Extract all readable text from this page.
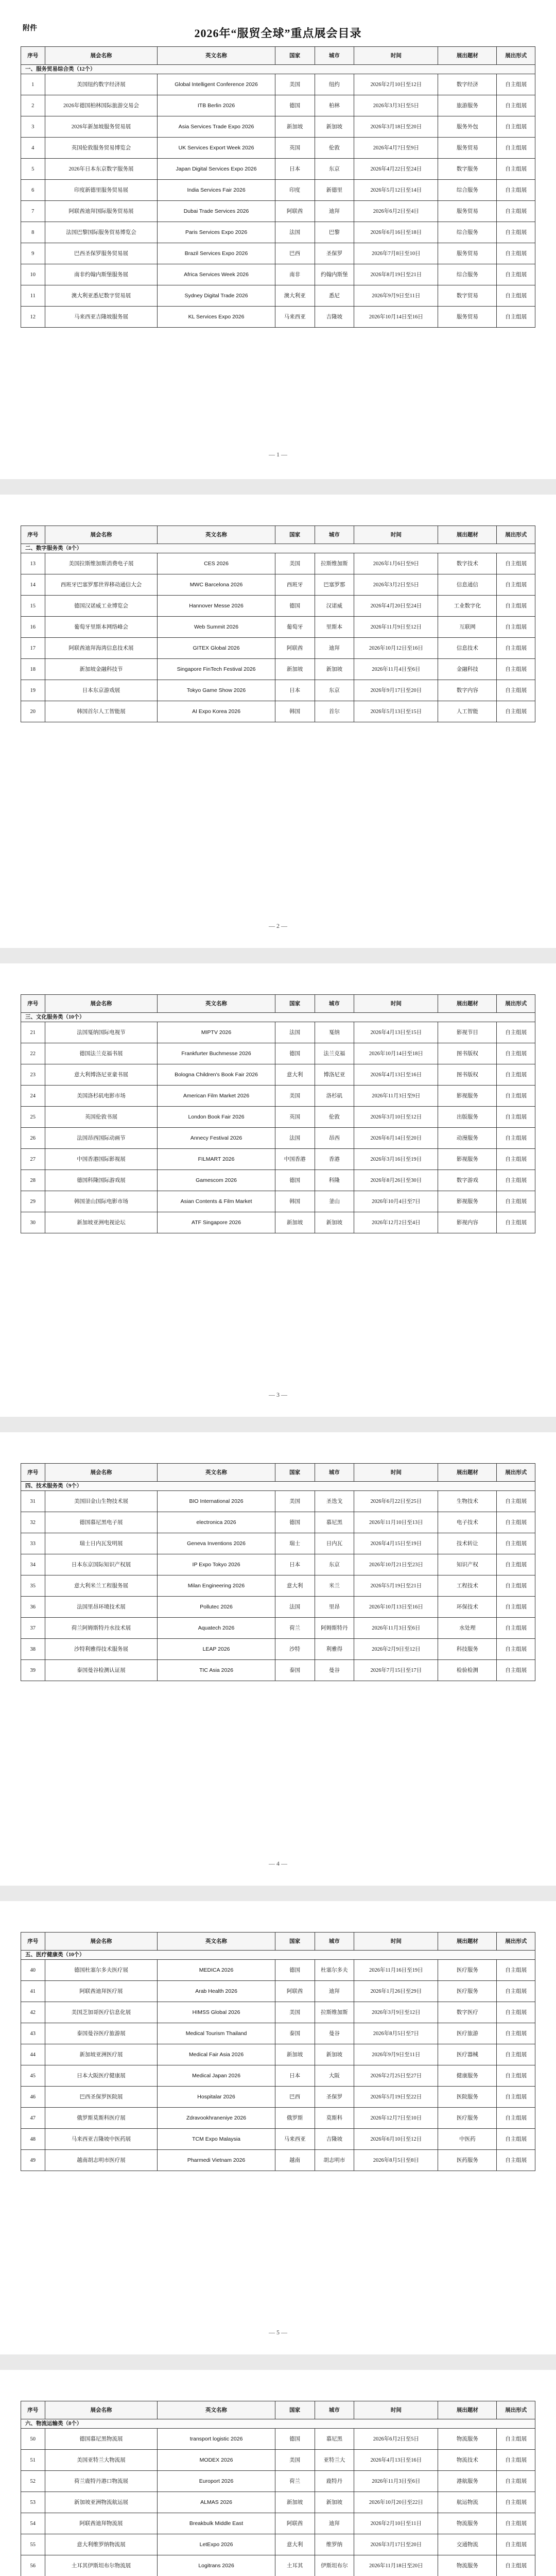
附件	2026年“服贸全球”重点展会目录
序号	展会名称	英文名称	国家	城市	时间	展出题材	展出形式
一、服务贸易综合类（12个）							
1	美国纽约数字经济展	Global Intelligent Conference 2026	美国	纽约	2026年2月10日至12日	数字经济	自主组展
2	2026年德国柏林国际旅游交易会	ITB Berlin 2026	德国	柏林	2026年3月3日至5日	旅游服务	自主组展
3	2026年新加坡服务贸易展	Asia Services Trade Expo 2026	新加坡	新加坡	2026年3月18日至20日	服务外包	自主组展
4	英国伦敦服务贸易博览会	UK Services Export Week 2026	英国	伦敦	2026年4月7日至9日	服务贸易	自主组展
5	2026年日本东京数字服务展	Japan Digital Services Expo 2026	日本	东京	2026年4月22日至24日	数字服务	自主组展
6	印度新德里服务贸易展	India Services Fair 2026	印度	新德里	2026年5月12日至14日	综合服务	自主组展
7	阿联酋迪拜国际服务贸易展	Dubai Trade Services 2026	阿联酋	迪拜	2026年6月2日至4日	服务贸易	自主组展
8	法国巴黎国际服务贸易博览会	Paris Services Expo 2026	法国	巴黎	2026年6月16日至18日	综合服务	自主组展
9	巴西圣保罗服务贸易展	Brazil Services Expo 2026	巴西	圣保罗	2026年7月8日至10日	服务贸易	自主组展
10	南非约翰内斯堡服务展	Africa Services Week 2026	南非	约翰内斯堡	2026年8月19日至21日	综合服务	自主组展
11	澳大利亚悉尼数字贸易展	Sydney Digital Trade 2026	澳大利亚	悉尼	2026年9月9日至11日	数字贸易	自主组展
12	马来西亚吉隆坡服务展	KL Services Expo 2026	马来西亚	吉隆坡	2026年10月14日至16日	服务贸易	自主组展
— 1 —
序号	展会名称	英文名称	国家	城市	时间	展出题材	展出形式
二、数字服务类（8个）							
13	美国拉斯维加斯消费电子展	CES 2026	美国	拉斯维加斯	2026年1月6日至9日	数字技术	自主组展
14	西班牙巴塞罗那世界移动通信大会	MWC Barcelona 2026	西班牙	巴塞罗那	2026年3月2日至5日	信息通信	自主组展
15	德国汉诺威工业博览会	Hannover Messe 2026	德国	汉诺威	2026年4月20日至24日	工业数字化	自主组展
16	葡萄牙里斯本网络峰会	Web Summit 2026	葡萄牙	里斯本	2026年11月9日至12日	互联网	自主组展
17	阿联酋迪拜海湾信息技术展	GITEX Global 2026	阿联酋	迪拜	2026年10月12日至16日	信息技术	自主组展
18	新加坡金融科技节	Singapore FinTech Festival 2026	新加坡	新加坡	2026年11月4日至6日	金融科技	自主组展
19	日本东京游戏展	Tokyo Game Show 2026	日本	东京	2026年9月17日至20日	数字内容	自主组展
20	韩国首尔人工智能展	AI Expo Korea 2026	韩国	首尔	2026年5月13日至15日	人工智能	自主组展
— 2 —
序号	展会名称	英文名称	国家	城市	时间	展出题材	展出形式
三、文化服务类（10个）							
21	法国戛纳国际电视节	MIPTV 2026	法国	戛纳	2026年4月13日至15日	影视节目	自主组展
22	德国法兰克福书展	Frankfurter Buchmesse 2026	德国	法兰克福	2026年10月14日至18日	图书版权	自主组展
23	意大利博洛尼亚童书展	Bologna Children's Book Fair 2026	意大利	博洛尼亚	2026年4月13日至16日	图书版权	自主组展
24	美国洛杉矶电影市场	American Film Market 2026	美国	洛杉矶	2026年11月3日至9日	影视服务	自主组展
25	英国伦敦书展	London Book Fair 2026	英国	伦敦	2026年3月10日至12日	出版服务	自主组展
26	法国昂西国际动画节	Annecy Festival 2026	法国	昂西	2026年6月14日至20日	动漫服务	自主组展
27	中国香港国际影视展	FILMART 2026	中国香港	香港	2026年3月16日至19日	影视服务	自主组展
28	德国科隆国际游戏展	Gamescom 2026	德国	科隆	2026年8月26日至30日	数字游戏	自主组展
29	韩国釜山国际电影市场	Asian Contents & Film Market	韩国	釜山	2026年10月4日至7日	影视服务	自主组展
30	新加坡亚洲电视论坛	ATF Singapore 2026	新加坡	新加坡	2026年12月2日至4日	影视内容	自主组展
— 3 —
序号	展会名称	英文名称	国家	城市	时间	展出题材	展出形式
四、技术服务类（9个）							
31	美国旧金山生物技术展	BIO International 2026	美国	圣迭戈	2026年6月22日至25日	生物技术	自主组展
32	德国慕尼黑电子展	electronica 2026	德国	慕尼黑	2026年11月10日至13日	电子技术	自主组展
33	瑞士日内瓦发明展	Geneva Inventions 2026	瑞士	日内瓦	2026年4月15日至19日	技术转让	自主组展
34	日本东京国际知识产权展	IP Expo Tokyo 2026	日本	东京	2026年10月21日至23日	知识产权	自主组展
35	意大利米兰工程服务展	Milan Engineering 2026	意大利	米兰	2026年5月19日至21日	工程技术	自主组展
36	法国里昂环境技术展	Pollutec 2026	法国	里昂	2026年10月13日至16日	环保技术	自主组展
37	荷兰阿姆斯特丹水技术展	Aquatech 2026	荷兰	阿姆斯特丹	2026年11月3日至6日	水处理	自主组展
38	沙特利雅得技术服务展	LEAP 2026	沙特	利雅得	2026年2月9日至12日	科技服务	自主组展
39	泰国曼谷检测认证展	TIC Asia 2026	泰国	曼谷	2026年7月15日至17日	检验检测	自主组展
— 4 —
序号	展会名称	英文名称	国家	城市	时间	展出题材	展出形式
五、医疗健康类（10个）							
40	德国杜塞尔多夫医疗展	MEDICA 2026	德国	杜塞尔多夫	2026年11月16日至19日	医疗服务	自主组展
41	阿联酋迪拜医疗展	Arab Health 2026	阿联酋	迪拜	2026年1月26日至29日	医疗服务	自主组展
42	美国芝加哥医疗信息化展	HIMSS Global 2026	美国	拉斯维加斯	2026年3月9日至12日	数字医疗	自主组展
43	泰国曼谷医疗旅游展	Medical Tourism Thailand	泰国	曼谷	2026年8月5日至7日	医疗旅游	自主组展
44	新加坡亚洲医疗展	Medical Fair Asia 2026	新加坡	新加坡	2026年9月9日至11日	医疗器械	自主组展
45	日本大阪医疗健康展	Medical Japan 2026	日本	大阪	2026年2月25日至27日	健康服务	自主组展
46	巴西圣保罗医院展	Hospitalar 2026	巴西	圣保罗	2026年5月19日至22日	医院服务	自主组展
47	俄罗斯莫斯科医疗展	Zdravookhraneniye 2026	俄罗斯	莫斯科	2026年12月7日至10日	医疗服务	自主组展
48	马来西亚吉隆坡中医药展	TCM Expo Malaysia	马来西亚	吉隆坡	2026年6月10日至12日	中医药	自主组展
49	越南胡志明市医疗展	Pharmedi Vietnam 2026	越南	胡志明市	2026年8月5日至8日	医药服务	自主组展
— 5 —
序号	展会名称	英文名称	国家	城市	时间	展出题材	展出形式
六、物流运输类（8个）							
50	德国慕尼黑物流展	transport logistic 2026	德国	慕尼黑	2026年6月2日至5日	物流服务	自主组展
51	美国亚特兰大物流展	MODEX 2026	美国	亚特兰大	2026年4月13日至16日	物流技术	自主组展
52	荷兰鹿特丹港口物流展	Europort 2026	荷兰	鹿特丹	2026年11月3日至6日	港航服务	自主组展
53	新加坡亚洲物流航运展	ALMAS 2026	新加坡	新加坡	2026年10月20日至22日	航运物流	自主组展
54	阿联酋迪拜物流展	Breakbulk Middle East	阿联酋	迪拜	2026年2月10日至11日	物流服务	自主组展
55	意大利维罗纳物流展	LetExpo 2026	意大利	维罗纳	2026年3月17日至20日	交通物流	自主组展
56	土耳其伊斯坦布尔物流展	Logitrans 2026	土耳其	伊斯坦布尔	2026年11月18日至20日	物流服务	自主组展
